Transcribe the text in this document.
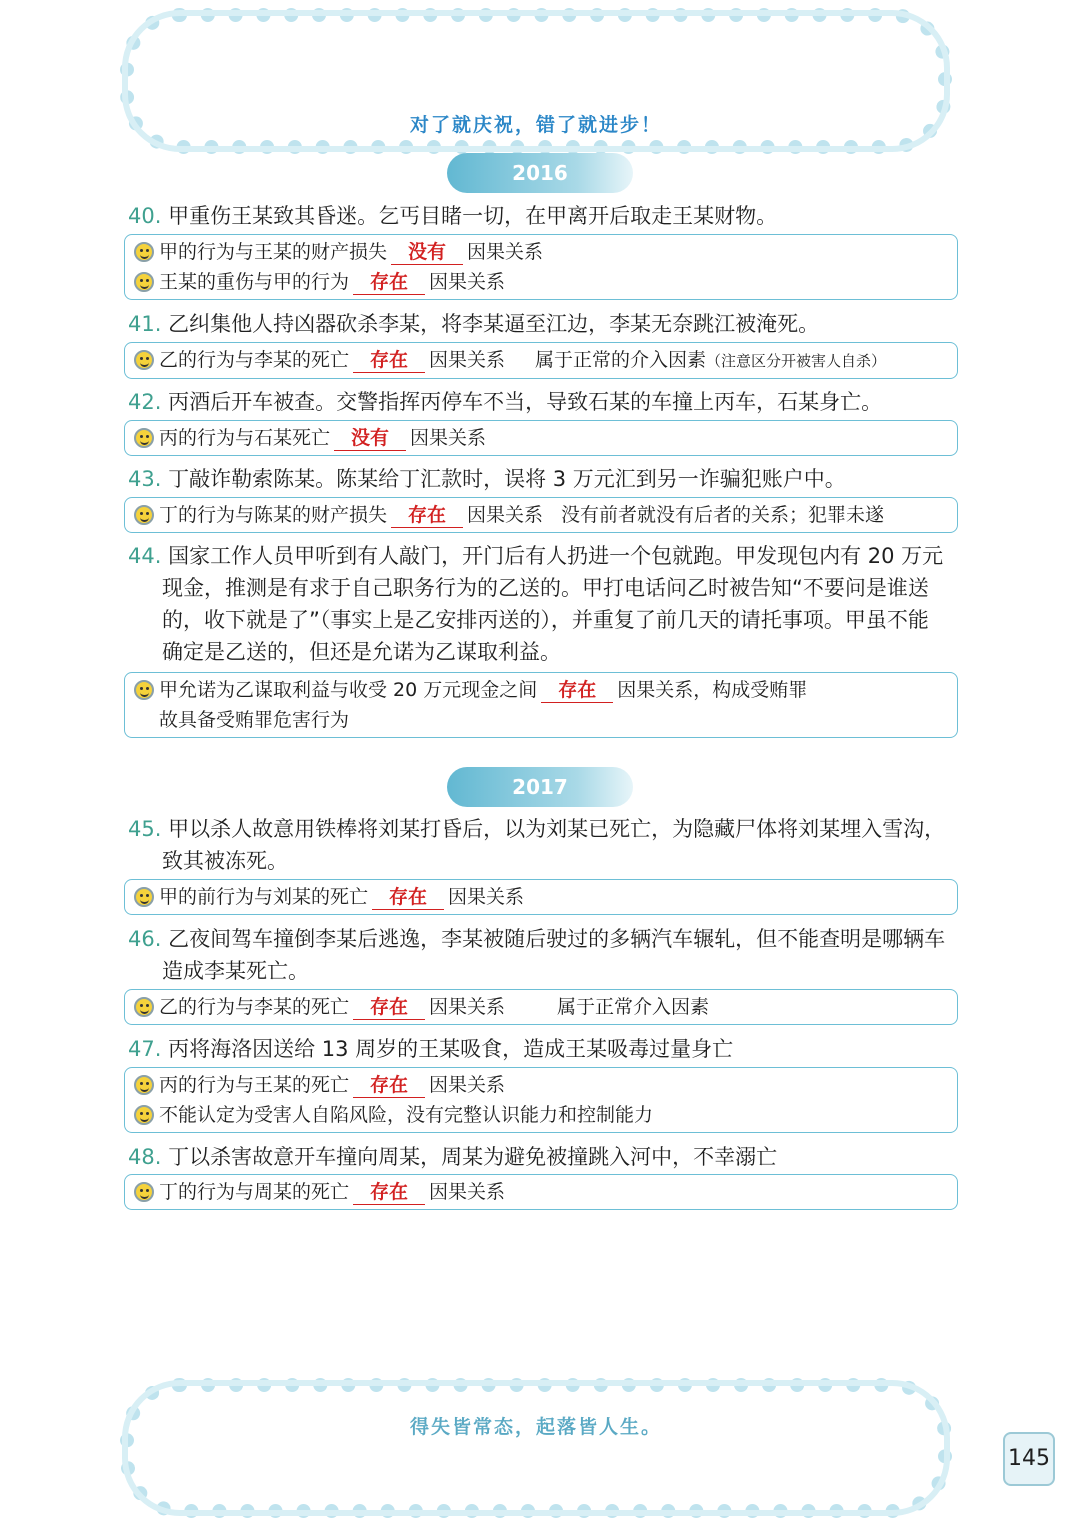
对了就庆祝，错了就进步！
2016
40. 甲重伤王某致其昏迷。乞丐目睹一切，在甲离开后取走王某财物。
甲的行为与王某的财产损失 没有 因果关系
王某的重伤与甲的行为 存在 因果关系
41. 乙纠集他人持凶器砍杀李某，将李某逼至江边，李某无奈跳江被淹死。
乙的行为与李某的死亡 存在 因果关系 属于正常的介入因素（注意区分开被害人自杀）
42. 丙酒后开车被查。交警指挥丙停车不当，导致石某的车撞上丙车，石某身亡。
丙的行为与石某死亡 没有 因果关系
43. 丁敲诈勒索陈某。陈某给丁汇款时，误将 3 万元汇到另一诈骗犯账户中。
丁的行为与陈某的财产损失 存在 因果关系 没有前者就没有后者的关系；犯罪未遂
44. 国家工作人员甲听到有人敲门，开门后有人扔进一个包就跑。甲发现包内有 20 万元
现金，推测是有求于自己职务行为的乙送的。甲打电话问乙时被告知“不要问是谁送
的，收下就是了”（事实上是乙安排丙送的），并重复了前几天的请托事项。甲虽不能
确定是乙送的，但还是允诺为乙谋取利益。
甲允诺为乙谋取利益与收受 20 万元现金之间 存在 因果关系，构成受贿罪
故具备受贿罪危害行为
2017
45. 甲以杀人故意用铁棒将刘某打昏后，以为刘某已死亡，为隐藏尸体将刘某埋入雪沟，
致其被冻死。
甲的前行为与刘某的死亡 存在 因果关系
46. 乙夜间驾车撞倒李某后逃逸，李某被随后驶过的多辆汽车辗轧，但不能查明是哪辆车
造成李某死亡。
乙的行为与李某的死亡 存在 因果关系	属于正常介入因素
47. 丙将海洛因送给 13 周岁的王某吸食，造成王某吸毒过量身亡
丙的行为与王某的死亡 存在 因果关系
不能认定为受害人自陷风险，没有完整认识能力和控制能力
48. 丁以杀害故意开车撞向周某，周某为避免被撞跳入河中，不幸溺亡
丁的行为与周某的死亡 存在 因果关系
得失皆常态，起落皆人生。
145
